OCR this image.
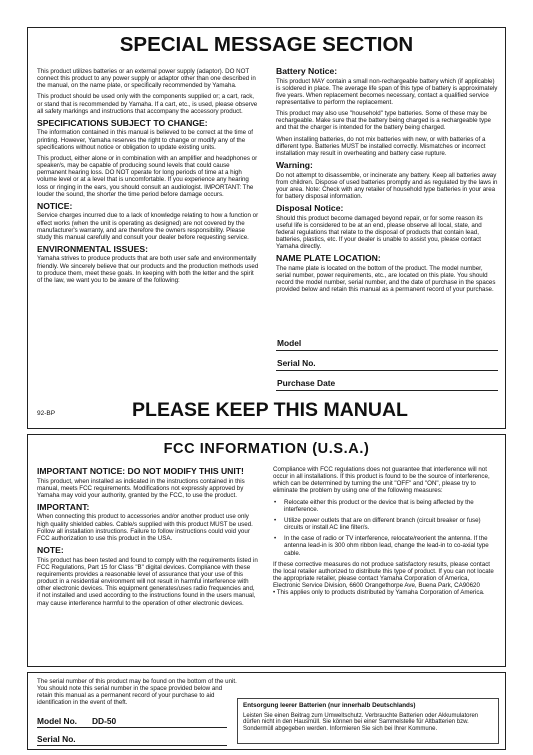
SPECIAL MESSAGE SECTION

This product utilizes batteries or an external power supply (adaptor). DO NOT connect this product to any power supply or adaptor other than one described in the manual, on the name plate, or specifically recommended by Yamaha.

This product should be used only with the components supplied or; a cart, rack, or stand that is recommended by Yamaha. If a cart, etc., is used, please observe all safety markings and instructions that accompany the accessory product.

SPECIFICATIONS SUBJECT TO CHANGE:

The information contained in this manual is believed to be correct at the time of printing. However, Yamaha reserves the right to change or modify any of the specifications without notice or obligation to update existing units.

This product, either alone or in combination with an amplifier and headphones or speaker/s, may be capable of producing sound levels that could cause permanent hearing loss. DO NOT operate for long periods of time at a high volume level or at a level that is uncomfortable. If you experience any hearing loss or ringing in the ears, you should consult an audiologist. IMPORTANT: The louder the sound, the shorter the time period before damage occurs.

NOTICE:

Service charges incurred due to a lack of knowledge relating to how a function or effect works (when the unit is operating as designed) are not covered by the manufacturer's warranty, and are therefore the owners responsibility. Please study this manual carefully and consult your dealer before requesting service.

ENVIRONMENTAL ISSUES:

Yamaha strives to produce products that are both user safe and environmentally friendly. We sincerely believe that our products and the production methods used to produce them, meet these goals. In keeping with both the letter and the spirit of the law, we want you to be aware of the following:

Battery Notice:

This product MAY contain a small non-rechargeable battery which (if applicable) is soldered in place. The average life span of this type of battery is approximately five years. When replacement becomes necessary, contact a qualified service representative to perform the replacement.

This product may also use "household" type batteries. Some of these may be rechargeable. Make sure that the battery being charged is a rechargeable type and that the charger is intended for the battery being charged.

When installing batteries, do not mix batteries with new, or with batteries of a different type. Batteries MUST be installed correctly. Mismatches or incorrect installation may result in overheating and battery case rupture.

Warning:

Do not attempt to disassemble, or incinerate any battery. Keep all batteries away from children. Dispose of used batteries promptly and as regulated by the laws in your area. Note: Check with any retailer of household type batteries in your area for battery disposal information.

Disposal Notice:

Should this product become damaged beyond repair, or for some reason its useful life is considered to be at an end, please observe all local, state, and federal regulations that relate to the disposal of products that contain lead, batteries, plastics, etc. If your dealer is unable to assist you, please contact Yamaha directly.

NAME PLATE LOCATION:

The name plate is located on the bottom of the product. The model number, serial number, power requirements, etc., are located on this plate. You should record the model number, serial number, and the date of purchase in the spaces provided below and retain this manual as a permanent record of your purchase.

Model
Serial No.
Purchase Date
92-BP	PLEASE KEEP THIS MANUAL
FCC INFORMATION (U.S.A.)
IMPORTANT NOTICE: DO NOT MODIFY THIS UNIT!

This product, when installed as indicated in the instructions contained in this manual, meets FCC requirements. Modifications not expressly approved by Yamaha may void your authority, granted by the FCC, to use the product.

IMPORTANT:

When connecting this product to accessories and/or another product use only high quality shielded cables. Cable/s supplied with this product MUST be used. Follow all installation instructions. Failure to follow instructions could void your FCC authorization to use this product in the USA.

NOTE:

This product has been tested and found to comply with the requirements listed in FCC Regulations, Part 15 for Class "B" digital devices. Compliance with these requirements provides a reasonable level of assurance that your use of this product in a residential environment will not result in harmful interference with other electronic devices. This equipment generates/uses radio frequencies and, if not installed and used according to the instructions found in the users manual, may cause interference harmful to the operation of other electronic devices.

Compliance with FCC regulations does not guarantee that interference will not occur in all installations. If this product is found to be the source of interference, which can be determined by turning the unit "OFF" and "ON", please try to eliminate the problem by using one of the following measures:

• Relocate either this product or the device that is being affected by the interference.
• Utilize power outlets that are on different branch (circuit breaker or fuse) circuits or install AC line filter/s.
• In the case of radio or TV interference, relocate/reorient the antenna. If the antenna lead-in is 300 ohm ribbon lead, change the lead-in to co-axial type cable.

If these corrective measures do not produce satisfactory results, please contact the local retailer authorized to distribute this type of product. If you can not locate the appropriate retailer, please contact Yamaha Corporation of America, Electronic Service Division, 6600 Orangethorpe Ave, Buena Park, CA90620

• This applies only to products distributed by Yamaha Corporation of America.

The serial number of this product may be found on the bottom of the unit. You should note this serial number in the space provided below and retain this manual as a permanent record of your purchase to aid identification in the event of theft.

Model No. DD-50
Serial No.
Entsorgung leerer Batterien (nur innerhalb Deutschlands)

Leisten Sie einen Beitrag zum Umweltschutz. Verbrauchte Batterien oder Akkumulatoren dürfen nicht in den Hausmüll. Sie können bei einer Sammelstelle für Altbatterien bzw. Sondermüll abgegeben werden. Informieren Sie sich bei Ihrer Kommune.
